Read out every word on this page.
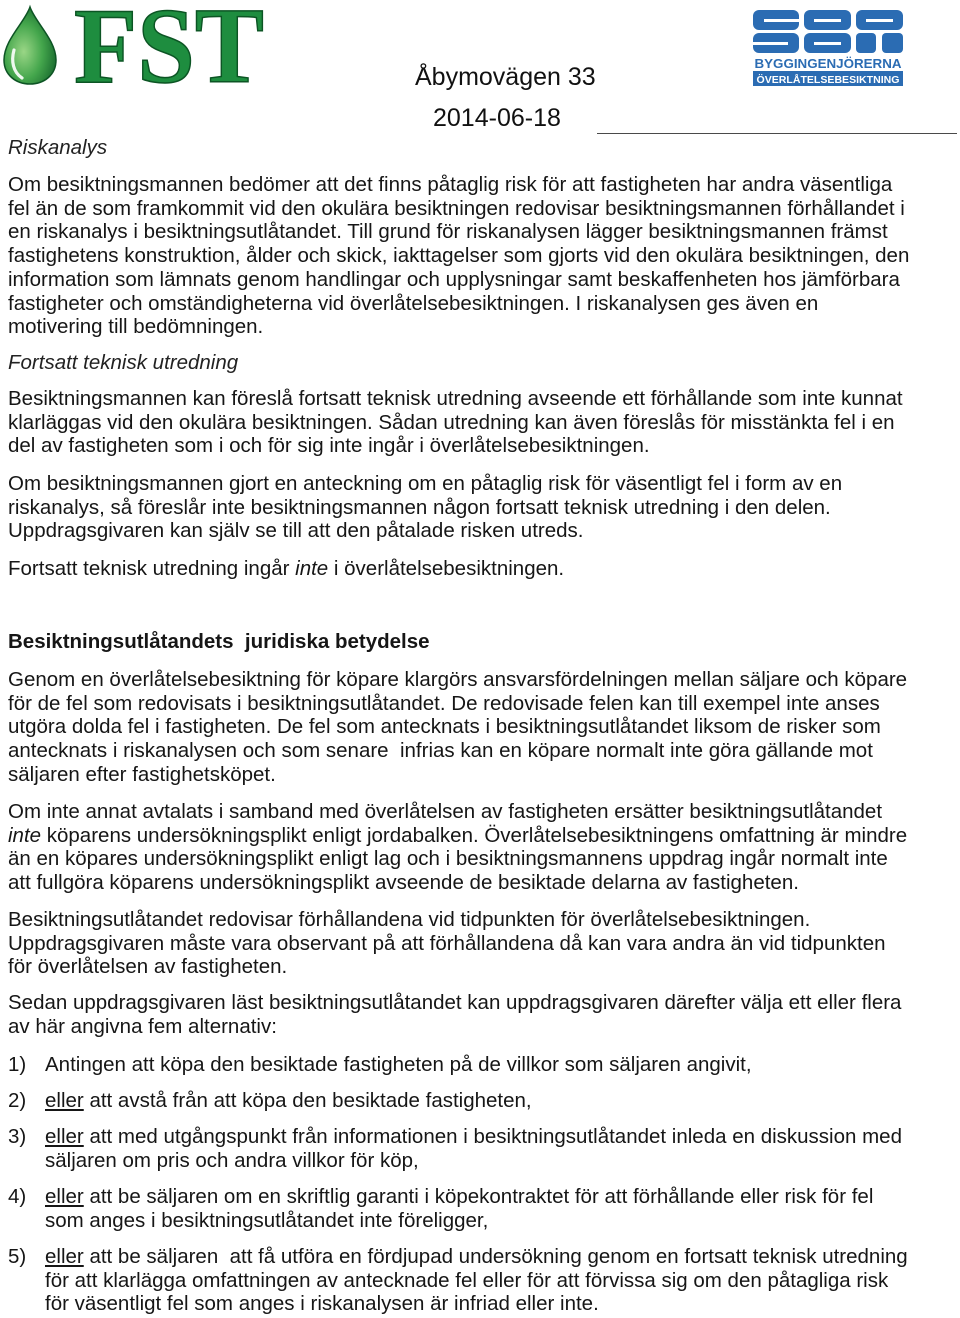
FST	Åbymovägen 33
2014-06-18
BYGGINGENJÖRERNA
ÖVERLÅTELSEBESIKTNING
Riskanalys
Om besiktningsmannen bedömer att det finns påtaglig risk för att fastigheten har andra väsentliga
fel än de som framkommit vid den okulära besiktningen redovisar besiktningsmannen förhållandet i
en riskanalys i besiktningsutlåtandet. Till grund för riskanalysen lägger besiktningsmannen främst
fastighetens konstruktion, ålder och skick, iakttagelser som gjorts vid den okulära besiktningen, den
information som lämnats genom handlingar och upplysningar samt beskaffenheten hos jämförbara
fastigheter och omständigheterna vid överlåtelsebesiktningen. I riskanalysen ges även en
motivering till bedömningen.
Fortsatt teknisk utredning
Besiktningsmannen kan föreslå fortsatt teknisk utredning avseende ett förhållande som inte kunnat
klarläggas vid den okulära besiktningen. Sådan utredning kan även föreslås för misstänkta fel i en
del av fastigheten som i och för sig inte ingår i överlåtelsebesiktningen.
Om besiktningsmannen gjort en anteckning om en påtaglig risk för väsentligt fel i form av en
riskanalys, så föreslår inte besiktningsmannen någon fortsatt teknisk utredning i den delen.
Uppdragsgivaren kan själv se till att den påtalade risken utreds.
Fortsatt teknisk utredning ingår inte i överlåtelsebesiktningen.
Besiktningsutlåtandets  juridiska betydelse
Genom en överlåtelsebesiktning för köpare klargörs ansvarsfördelningen mellan säljare och köpare
för de fel som redovisats i besiktningsutlåtandet. De redovisade felen kan till exempel inte anses
utgöra dolda fel i fastigheten. De fel som antecknats i besiktningsutlåtandet liksom de risker som
antecknats i riskanalysen och som senare  infrias kan en köpare normalt inte göra gällande mot
säljaren efter fastighetsköpet.
Om inte annat avtalats i samband med överlåtelsen av fastigheten ersätter besiktningsutlåtandet
inte köparens undersökningsplikt enligt jordabalken. Överlåtelsebesiktningens omfattning är mindre
än en köpares undersökningsplikt enligt lag och i besiktningsmannens uppdrag ingår normalt inte
att fullgöra köparens undersökningsplikt avseende de besiktade delarna av fastigheten.
Besiktningsutlåtandet redovisar förhållandena vid tidpunkten för överlåtelsebesiktningen.
Uppdragsgivaren måste vara observant på att förhållandena då kan vara andra än vid tidpunkten
för överlåtelsen av fastigheten.
Sedan uppdragsgivaren läst besiktningsutlåtandet kan uppdragsgivaren därefter välja ett eller flera
av här angivna fem alternativ:
1) Antingen att köpa den besiktade fastigheten på de villkor som säljaren angivit,
2) eller att avstå från att köpa den besiktade fastigheten,
3) eller att med utgångspunkt från informationen i besiktningsutlåtandet inleda en diskussion med
säljaren om pris och andra villkor för köp,
4) eller att be säljaren om en skriftlig garanti i köpekontraktet för att förhållande eller risk för fel
som anges i besiktningsutlåtandet inte föreligger,
5) eller att be säljaren  att få utföra en fördjupad undersökning genom en fortsatt teknisk utredning
för att klarlägga omfattningen av antecknade fel eller för att förvissa sig om den påtagliga risk
för väsentligt fel som anges i riskanalysen är infriad eller inte.
